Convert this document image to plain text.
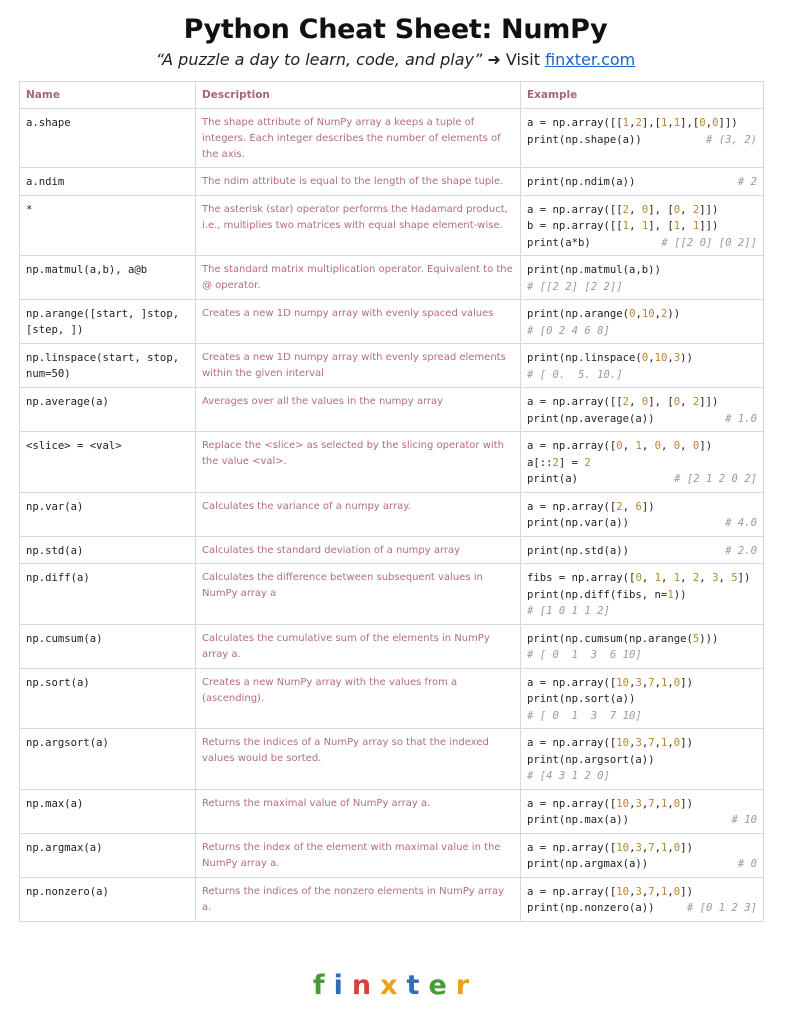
Python Cheat Sheet: NumPy
“A puzzle a day to learn, code, and play” ➜ Visit finxter.com
Name	Description	Example
a.shape	The shape attribute of NumPy array a keeps a tuple of integers. Each integer describes the number of elements of the axis.	a = np.array([[1,2],[1,1],[0,0]])
print(np.shape(a)) # (3, 2)

a.ndim	The ndim attribute is equal to the length of the shape tuple.	print(np.ndim(a)) # 2

*	The asterisk (star) operator performs the Hadamard product, i.e., multiplies two matrices with equal shape element-wise.	a = np.array([[2, 0], [0, 2]])
b = np.array([[1, 1], [1, 1]])
print(a*b) # [[2 0] [0 2]]

np.matmul(a,b), a@b	The standard matrix multiplication operator. Equivalent to the @ operator.	print(np.matmul(a,b))
# [[2 2] [2 2]]

np.arange([start, ]stop, [step, ])	Creates a new 1D numpy array with evenly spaced values	print(np.arange(0,10,2))
# [0 2 4 6 8]

np.linspace(start, stop, num=50)	Creates a new 1D numpy array with evenly spread elements within the given interval	print(np.linspace(0,10,3))
# [ 0.  5. 10.]

np.average(a)	Averages over all the values in the numpy array	a = np.array([[2, 0], [0, 2]])
print(np.average(a)) # 1.0

<slice> = <val>	Replace the <slice> as selected by the slicing operator with the value <val>.	a = np.array([0, 1, 0, 0, 0])
a[::2] = 2
print(a) # [2 1 2 0 2]

np.var(a)	Calculates the variance of a numpy array.	a = np.array([2, 6])
print(np.var(a)) # 4.0

np.std(a)	Calculates the standard deviation of a numpy array	print(np.std(a)) # 2.0

np.diff(a)	Calculates the difference between subsequent values in NumPy array a	fibs = np.array([0, 1, 1, 2, 3, 5])
print(np.diff(fibs, n=1))
# [1 0 1 1 2]

np.cumsum(a)	Calculates the cumulative sum of the elements in NumPy array a.	print(np.cumsum(np.arange(5)))
# [ 0  1  3  6 10]

np.sort(a)	Creates a new NumPy array with the values from a (ascending).	a = np.array([10,3,7,1,0])
print(np.sort(a))
# [ 0  1  3  7 10]

np.argsort(a)	Returns the indices of a NumPy array so that the indexed values would be sorted.	a = np.array([10,3,7,1,0])
print(np.argsort(a))
# [4 3 1 2 0]

np.max(a)	Returns the maximal value of NumPy array a.	a = np.array([10,3,7,1,0])
print(np.max(a)) # 10

np.argmax(a)	Returns the index of the element with maximal value in the NumPy array a.	a = np.array([10,3,7,1,0])
print(np.argmax(a)) # 0

np.nonzero(a)	Returns the indices of the nonzero elements in NumPy array a.	a = np.array([10,3,7,1,0])
print(np.nonzero(a)) # [0 1 2 3]
finxter
